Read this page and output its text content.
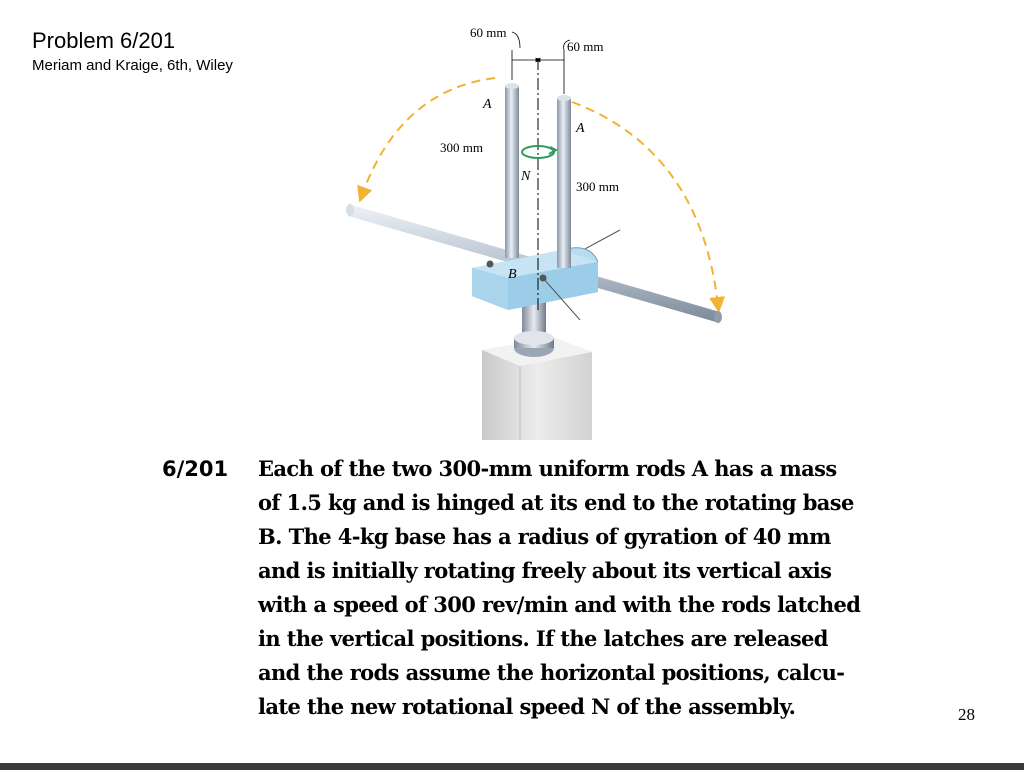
Problem 6/201
Meriam and Kraige, 6th, Wiley
60 mm
60 mm
A
A
300 mm
300 mm
N
B
6/201 Each of the two 300-mm uniform rods A has a mass
of 1.5 kg and is hinged at its end to the rotating base
B. The 4-kg base has a radius of gyration of 40 mm
and is initially rotating freely about its vertical axis
with a speed of 300 rev/min and with the rods latched
in the vertical positions. If the latches are released
and the rods assume the horizontal positions, calcu-
late the new rotational speed N of the assembly.	28
